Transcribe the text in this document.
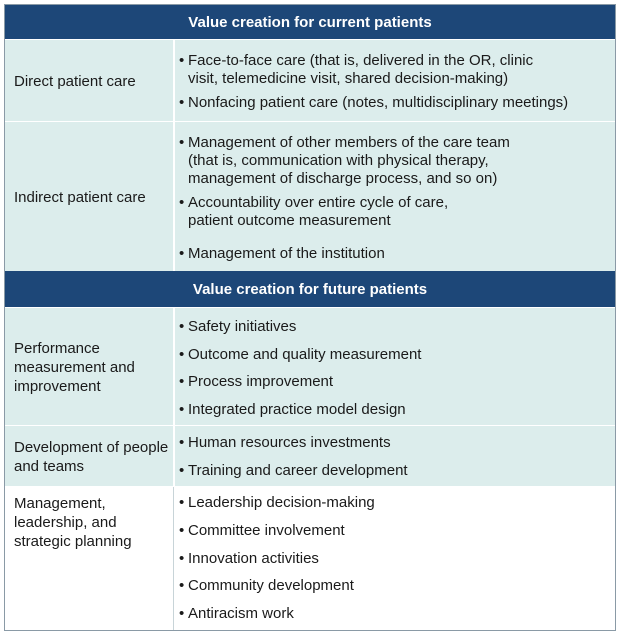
Value creation for current patients
Direct patient care
• Face-to-face care (that is, delivered in the OR, clinic visit, telemedicine visit, shared decision-making)
• Nonfacing patient care (notes, multidisciplinary meetings)
Indirect patient care
• Management of other members of the care team (that is, communication with physical therapy, management of discharge process, and so on)
• Accountability over entire cycle of care, patient outcome measurement
• Management of the institution
Value creation for future patients
Performance measurement and improvement
• Safety initiatives
• Outcome and quality measurement
• Process improvement
• Integrated practice model design
Development of people and teams
• Human resources investments
• Training and career development
Management, leadership, and strategic planning
• Leadership decision-making
• Committee involvement
• Innovation activities
• Community development
• Antiracism work
